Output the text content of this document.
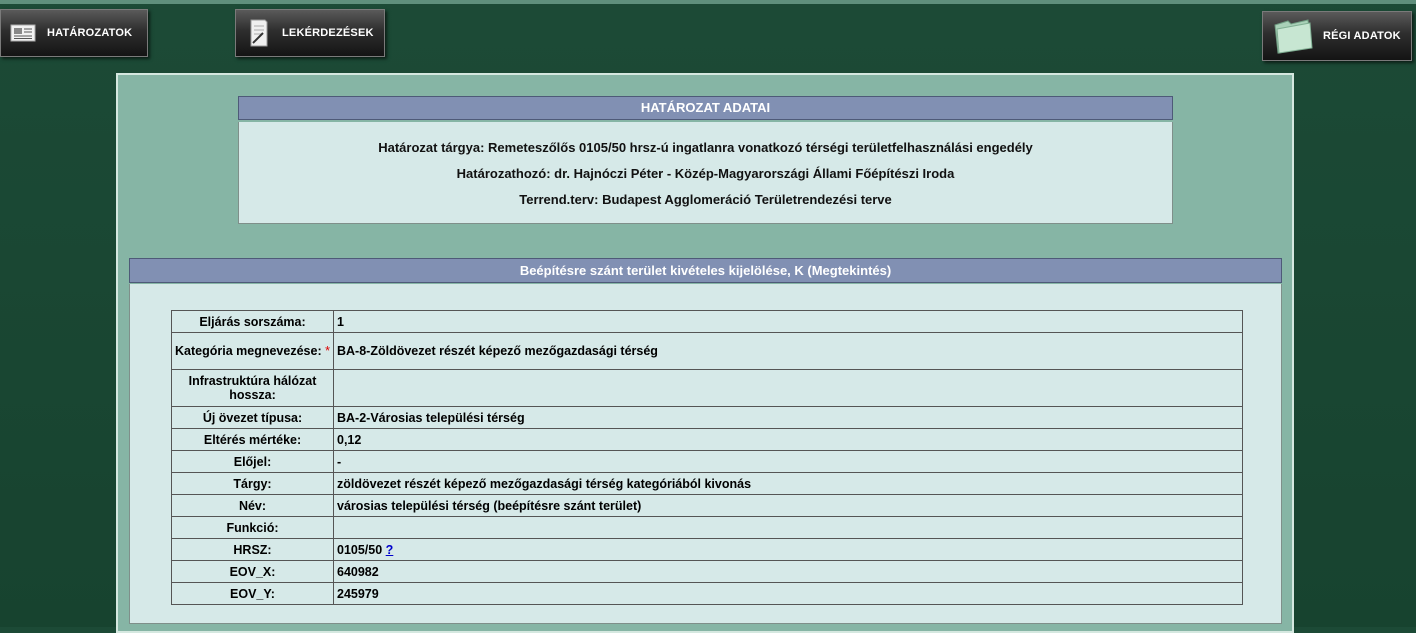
HATÁROZATOK	LEKÉRDEZÉSEK	RÉGI ADATOK
HATÁROZAT ADATAI
Határozat tárgya: Remeteszőlős 0105/50 hrsz-ú ingatlanra vonatkozó térségi területfelhasználási engedély
Határozathozó: dr. Hajnóczi Péter - Közép-Magyarországi Állami Főépítészi Iroda
Terrend.terv: Budapest Agglomeráció Területrendezési terve
Beépítésre szánt terület kivételes kijelölése, K (Megtekintés)
Eljárás sorszáma:	1
Kategória megnevezése: *	BA-8-Zöldövezet részét képező mezőgazdasági térség
Infrastruktúra hálózat hossza:	
Új övezet típusa:	BA-2-Városias települési térség
Eltérés mértéke:	0,12
Előjel:	-
Tárgy:	zöldövezet részét képező mezőgazdasági térség kategóriából kivonás
Név:	városias települési térség (beépítésre szánt terület)
Funkció:	
HRSZ:	0105/50 ?
EOV_X:	640982
EOV_Y:	245979
